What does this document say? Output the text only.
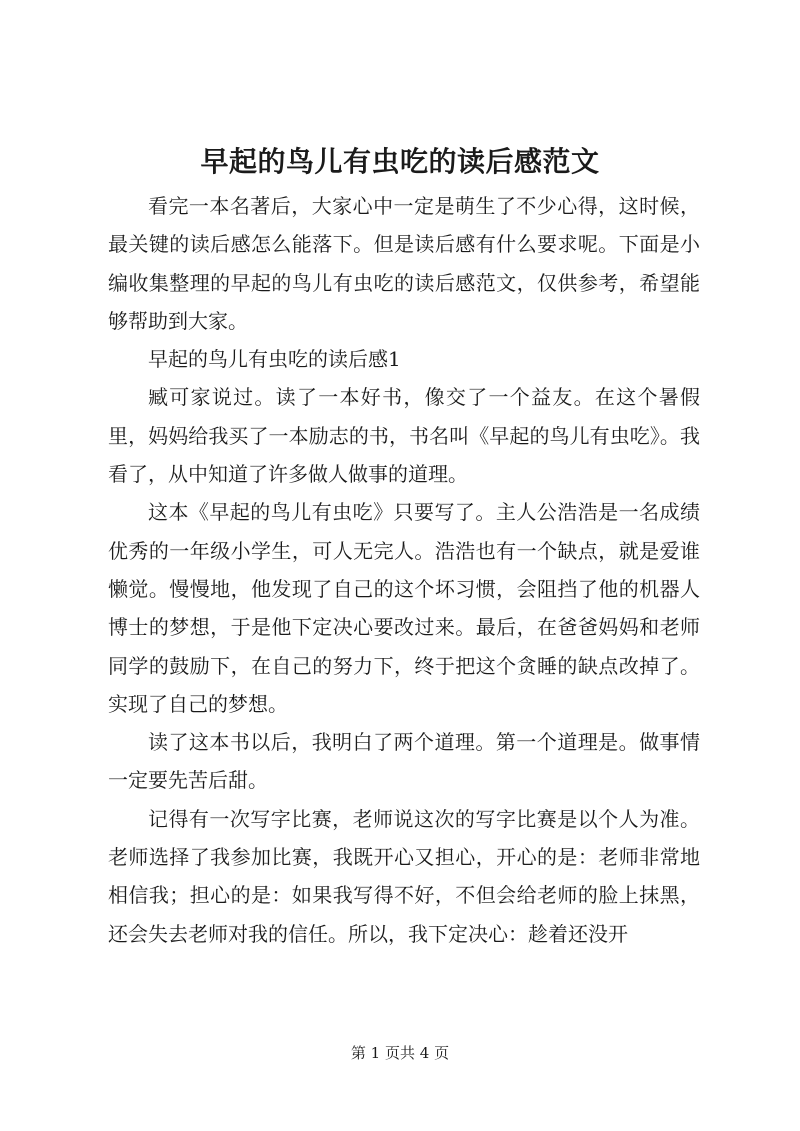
早起的鸟儿有虫吃的读后感范文

看完一本名著后，大家心中一定是萌生了不少心得，这时候，最关键的读后感怎么能落下。但是读后感有什么要求呢。下面是小编收集整理的早起的鸟儿有虫吃的读后感范文，仅供参考，希望能够帮助到大家。

早起的鸟儿有虫吃的读后感1

臧可家说过。读了一本好书，像交了一个益友。在这个暑假里，妈妈给我买了一本励志的书，书名叫《早起的鸟儿有虫吃》。我看了，从中知道了许多做人做事的道理。

这本《早起的鸟儿有虫吃》只要写了。主人公浩浩是一名成绩优秀的一年级小学生，可人无完人。浩浩也有一个缺点，就是爱谁懒觉。慢慢地，他发现了自己的这个坏习惯，会阻挡了他的机器人博士的梦想，于是他下定决心要改过来。最后，在爸爸妈妈和老师同学的鼓励下，在自己的努力下，终于把这个贪睡的缺点改掉了。实现了自己的梦想。

读了这本书以后，我明白了两个道理。第一个道理是。做事情一定要先苦后甜。

记得有一次写字比赛，老师说这次的写字比赛是以个人为准。老师选择了我参加比赛，我既开心又担心，开心的是：老师非常地相信我；担心的是：如果我写得不好，不但会给老师的脸上抹黑，还会失去老师对我的信任。所以，我下定决心：趁着还没开

第 1 页共 4 页
